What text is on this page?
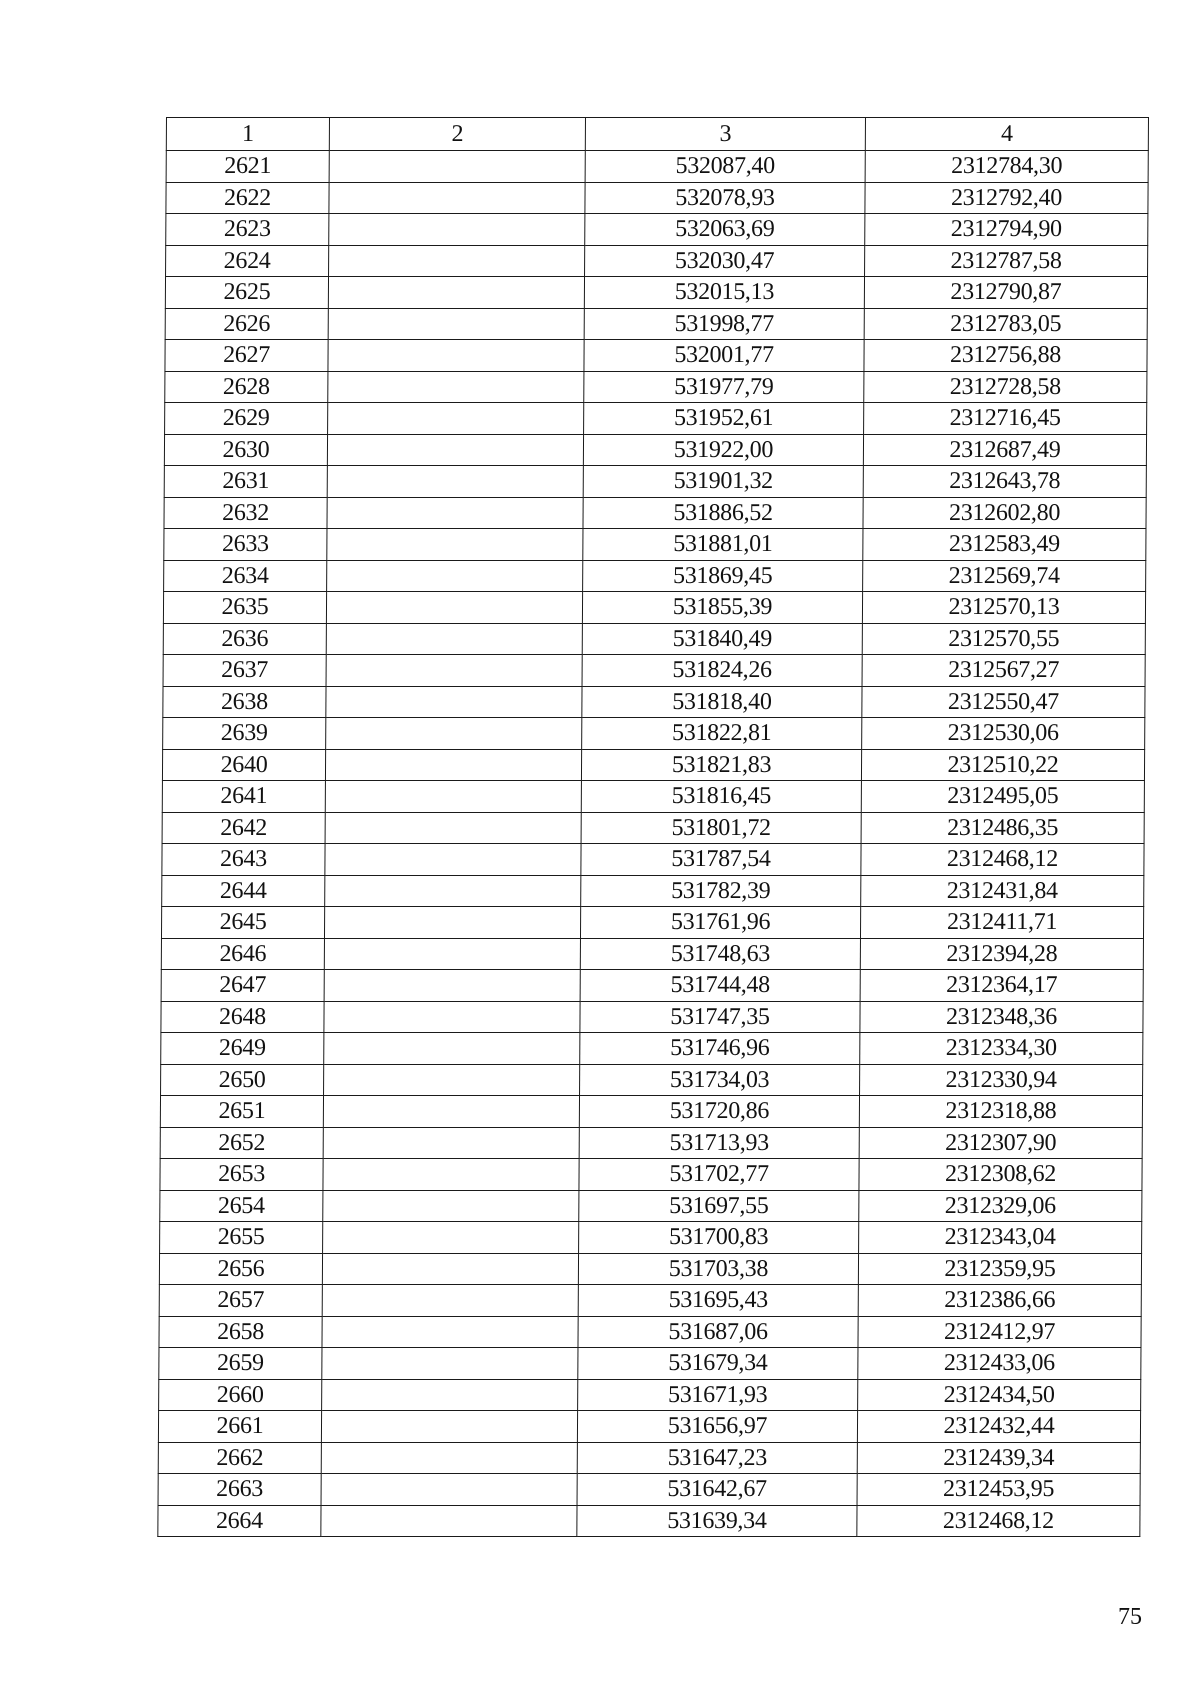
1	2	3	4
2621		532087,40	2312784,30
2622		532078,93	2312792,40
2623		532063,69	2312794,90
2624		532030,47	2312787,58
2625		532015,13	2312790,87
2626		531998,77	2312783,05
2627		532001,77	2312756,88
2628		531977,79	2312728,58
2629		531952,61	2312716,45
2630		531922,00	2312687,49
2631		531901,32	2312643,78
2632		531886,52	2312602,80
2633		531881,01	2312583,49
2634		531869,45	2312569,74
2635		531855,39	2312570,13
2636		531840,49	2312570,55
2637		531824,26	2312567,27
2638		531818,40	2312550,47
2639		531822,81	2312530,06
2640		531821,83	2312510,22
2641		531816,45	2312495,05
2642		531801,72	2312486,35
2643		531787,54	2312468,12
2644		531782,39	2312431,84
2645		531761,96	2312411,71
2646		531748,63	2312394,28
2647		531744,48	2312364,17
2648		531747,35	2312348,36
2649		531746,96	2312334,30
2650		531734,03	2312330,94
2651		531720,86	2312318,88
2652		531713,93	2312307,90
2653		531702,77	2312308,62
2654		531697,55	2312329,06
2655		531700,83	2312343,04
2656		531703,38	2312359,95
2657		531695,43	2312386,66
2658		531687,06	2312412,97
2659		531679,34	2312433,06
2660		531671,93	2312434,50
2661		531656,97	2312432,44
2662		531647,23	2312439,34
2663		531642,67	2312453,95
2664		531639,34	2312468,12
75
